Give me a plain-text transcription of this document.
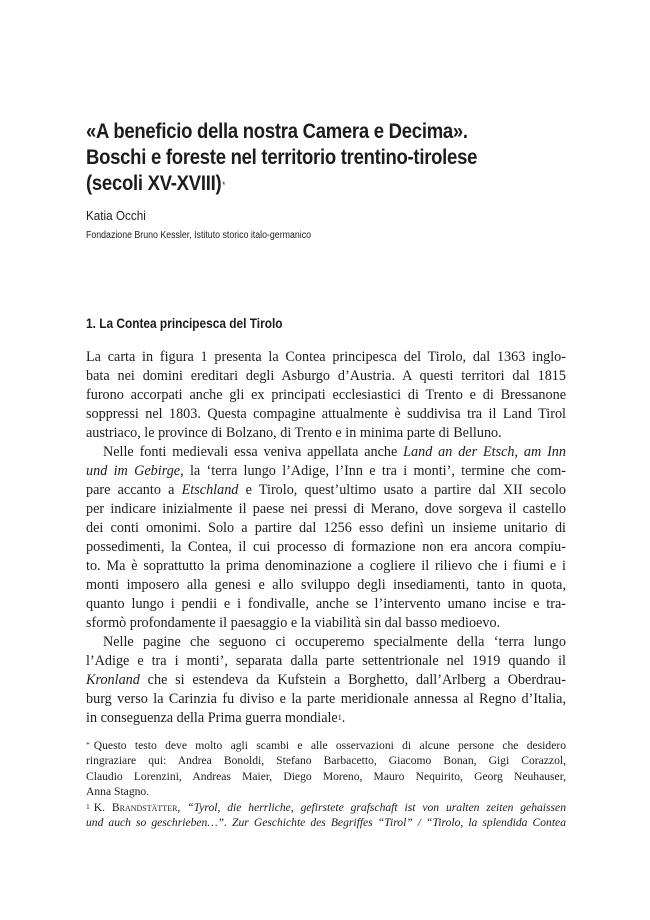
«A beneficio della nostra Camera e Decima».
Boschi e foreste nel territorio trentino-tirolese
(secoli XV-XVIII)*
Katia Occhi
Fondazione Bruno Kessler, Istituto storico italo-germanico
1. La Contea principesca del Tirolo

La carta in figura 1 presenta la Contea principesca del Tirolo, dal 1363 inglo-
bata nei domini ereditari degli Asburgo d’Austria. A questi territori dal 1815
furono accorpati anche gli ex principati ecclesiastici di Trento e di Bressanone
soppressi nel 1803. Questa compagine attualmente è suddivisa tra il Land Tirol
austriaco, le province di Bolzano, di Trento e in minima parte di Belluno.

Nelle fonti medievali essa veniva appellata anche Land an der Etsch, am Inn
und im Gebirge, la ‘terra lungo l’Adige, l’Inn e tra i monti’, termine che com-
pare accanto a Etschland e Tirolo, quest’ultimo usato a partire dal XII secolo
per indicare inizialmente il paese nei pressi di Merano, dove sorgeva il castello
dei conti omonimi. Solo a partire dal 1256 esso definì un insieme unitario di
possedimenti, la Contea, il cui processo di formazione non era ancora compiu-
to. Ma è soprattutto la prima denominazione a cogliere il rilievo che i fiumi e i
monti imposero alla genesi e allo sviluppo degli insediamenti, tanto in quota,
quanto lungo i pendii e i fondivalle, anche se l’intervento umano incise e tra-
sformò profondamente il paesaggio e la viabilità sin dal basso medioevo.

Nelle pagine che seguono ci occuperemo specialmente della ‘terra lungo
l’Adige e tra i monti’, separata dalla parte settentrionale nel 1919 quando il
Kronland che si estendeva da Kufstein a Borghetto, dall’Arlberg a Oberdrau-
burg verso la Carinzia fu diviso e la parte meridionale annessa al Regno d’Italia,
in conseguenza della Prima guerra mondiale$^1$.

* Questo testo deve molto agli scambi e alle osservazioni di alcune persone che desidero
ringraziare qui: Andrea Bonoldi, Stefano Barbacetto, Giacomo Bonan, Gigi Corazzol,
Claudio Lorenzini, Andreas Maier, Diego Moreno, Mauro Nequirito, Georg Neuhauser,
Anna Stagno.
$^1$ K. Brandstätter, “Tyrol, die herrliche, gefirstete grafschaft ist von uralten zeiten gehaissen
und auch so geschrieben…”. Zur Geschichte des Begriffes “Tirol” / “Tirolo, la splendida Contea
